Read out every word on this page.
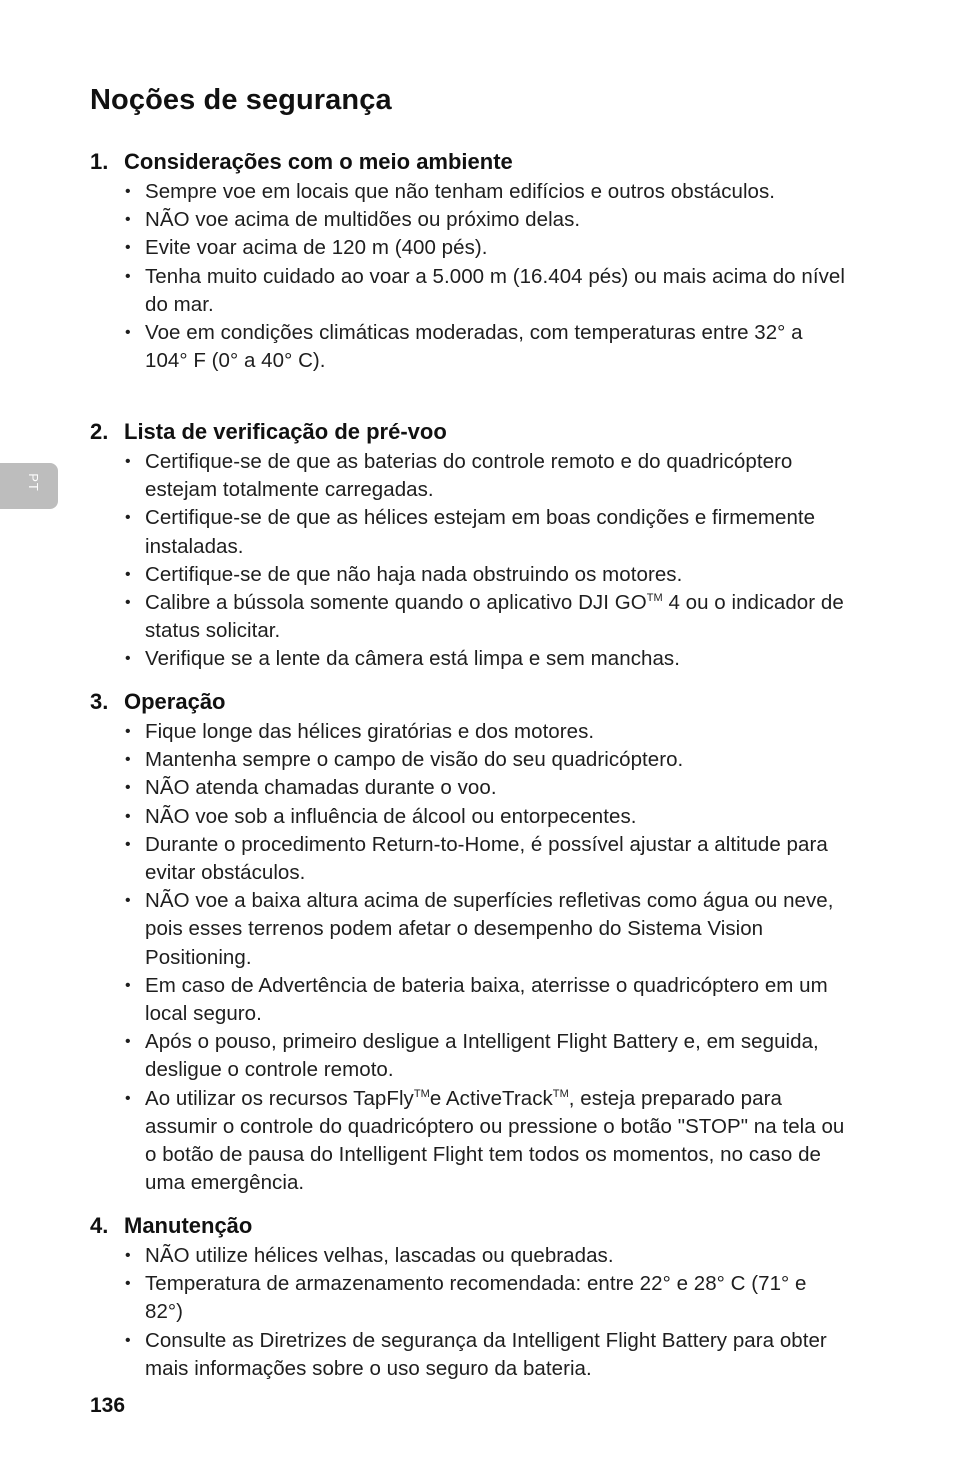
Noções de segurança
PT
1. Considerações com o meio ambiente
• Sempre voe em locais que não tenham edifícios e outros obstáculos.
• NÃO voe acima de multidões ou próximo delas.
• Evite voar acima de 120 m (400 pés).
• Tenha muito cuidado ao voar a 5.000 m (16.404 pés) ou mais acima do nível do mar.
• Voe em condições climáticas moderadas, com temperaturas entre 32° a 104° F (0° a 40° C).
2. Lista de verificação de pré-voo
• Certifique-se de que as baterias do controle remoto e do quadricóptero estejam totalmente carregadas.
• Certifique-se de que as hélices estejam em boas condições e firmemente instaladas.
• Certifique-se de que não haja nada obstruindo os motores.
• Calibre a bússola somente quando o aplicativo DJI GO™ 4 ou o indicador de status solicitar.
• Verifique se a lente da câmera está limpa e sem manchas.
3. Operação
• Fique longe das hélices giratórias e dos motores.
• Mantenha sempre o campo de visão do seu quadricóptero.
• NÃO atenda chamadas durante o voo.
• NÃO voe sob a influência de álcool ou entorpecentes.
• Durante o procedimento Return-to-Home, é possível ajustar a altitude para evitar obstáculos.
• NÃO voe a baixa altura acima de superfícies refletivas como água ou neve, pois esses terrenos podem afetar o desempenho do Sistema Vision Positioning.
• Em caso de Advertência de bateria baixa, aterrisse o quadricóptero em um local seguro.
• Após o pouso, primeiro desligue a Intelligent Flight Battery e, em seguida, desligue o controle remoto.
• Ao utilizar os recursos TapFly™e ActiveTrack™, esteja preparado para assumir o controle do quadricóptero ou pressione o botão "STOP" na tela ou o botão de pausa do Intelligent Flight tem todos os momentos, no caso de uma emergência.
4. Manutenção
• NÃO utilize hélices velhas, lascadas ou quebradas.
• Temperatura de armazenamento recomendada: entre 22° e 28° C (71° e 82°)
• Consulte as Diretrizes de segurança da Intelligent Flight Battery para obter mais informações sobre o uso seguro da bateria.
136
